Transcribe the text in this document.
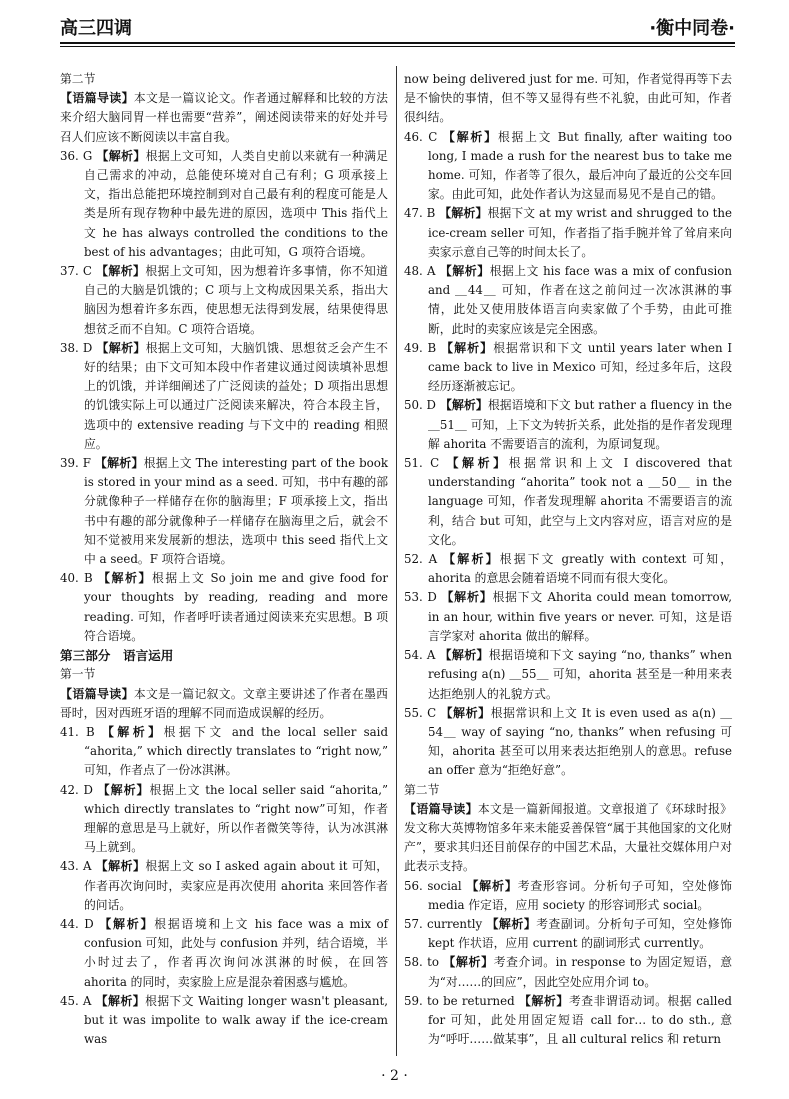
高三四调	·衡中同卷·

第二节

【语篇导读】本文是一篇议论文。作者通过解释和比较的方法来介绍大脑同胃一样也需要“营养”，阐述阅读带来的好处并号召人们应该不断阅读以丰富自我。

36. G 【解析】根据上文可知，人类自史前以来就有一种满足自己需求的冲动，总能使环境对自己有利；G 项承接上文，指出总能把环境控制到对自己最有利的程度可能是人类是所有现存物种中最先进的原因，选项中 This 指代上文 he has always controlled the conditions to the best of his advantages；由此可知，G 项符合语境。

37. C 【解析】根据上文可知，因为想着许多事情，你不知道自己的大脑是饥饿的；C 项与上文构成因果关系，指出大脑因为想着许多东西，使思想无法得到发展，结果使得思想贫乏而不自知。C 项符合语境。

38. D 【解析】根据上文可知，大脑饥饿、思想贫乏会产生不好的结果；由下文可知本段中作者建议通过阅读填补思想上的饥饿，并详细阐述了广泛阅读的益处；D 项指出思想的饥饿实际上可以通过广泛阅读来解决，符合本段主旨，选项中的 extensive reading 与下文中的 reading 相照应。

39. F 【解析】根据上文 The interesting part of the book is stored in your mind as a seed. 可知，书中有趣的部分就像种子一样储存在你的脑海里；F 项承接上文，指出书中有趣的部分就像种子一样储存在脑海里之后，就会不知不觉被用来发展新的想法，选项中 this seed 指代上文中 a seed。F 项符合语境。

40. B 【解析】根据上文 So join me and give food for your thoughts by reading, reading and more reading. 可知，作者呼吁读者通过阅读来充实思想。B 项符合语境。

第三部分　语言运用

第一节

【语篇导读】本文是一篇记叙文。文章主要讲述了作者在墨西哥时，因对西班牙语的理解不同而造成误解的经历。

41. B 【解析】根据下文 and the local seller said “ahorita,” which directly translates to “right now,” 可知，作者点了一份冰淇淋。

42. D 【解析】根据上文 the local seller said “ahorita,” which directly translates to “right now”可知，作者理解的意思是马上就好，所以作者微笑等待，认为冰淇淋马上就到。

43. A 【解析】根据上文 so I asked again about it 可知，作者再次询问时，卖家应是再次使用 ahorita 来回答作者的问话。

44. D 【解析】根据语境和上文 his face was a mix of confusion 可知，此处与 confusion 并列，结合语境，半小时过去了，作者再次询问冰淇淋的时候，在回答 ahorita 的同时，卖家脸上应是混杂着困惑与尴尬。

45. A 【解析】根据下文 Waiting longer wasn't pleasant, but it was impolite to walk away if the ice-cream was

now being delivered just for me. 可知，作者觉得再等下去是不愉快的事情，但不等又显得有些不礼貌，由此可知，作者很纠结。

46. C 【解析】根据上文 But finally, after waiting too long, I made a rush for the nearest bus to take me home. 可知，作者等了很久，最后冲向了最近的公交车回家。由此可知，此处作者认为这显而易见不是自己的错。

47. B 【解析】根据下文 at my wrist and shrugged to the ice-cream seller 可知，作者指了指手腕并耸了耸肩来向卖家示意自己等的时间太长了。

48. A 【解析】根据上文 his face was a mix of confusion and ＿44＿ 可知，作者在这之前问过一次冰淇淋的事情，此处又使用肢体语言向卖家做了个手势，由此可推断，此时的卖家应该是完全困惑。

49. B 【解析】根据常识和下文 until years later when I came back to live in Mexico 可知，经过多年后，这段经历逐渐被忘记。

50. D 【解析】根据语境和下文 but rather a fluency in the ＿51＿ 可知，上下文为转折关系，此处指的是作者发现理解 ahorita 不需要语言的流利，为原词复现。

51. C 【解析】根据常识和上文 I discovered that understanding “ahorita” took not a ＿50＿ in the language 可知，作者发现理解 ahorita 不需要语言的流利，结合 but 可知，此空与上文内容对应，语言对应的是文化。

52. A 【解析】根据下文 greatly with context 可知，ahorita 的意思会随着语境不同而有很大变化。

53. D 【解析】根据下文 Ahorita could mean tomorrow, in an hour, within five years or never. 可知，这是语言学家对 ahorita 做出的解释。

54. A 【解析】根据语境和下文 saying “no, thanks” when refusing a(n) ＿55＿ 可知，ahorita 甚至是一种用来表达拒绝别人的礼貌方式。

55. C 【解析】根据常识和上文 It is even used as a(n) ＿54＿ way of saying “no, thanks” when refusing 可知，ahorita 甚至可以用来表达拒绝别人的意思。refuse an offer 意为“拒绝好意”。

第二节

【语篇导读】本文是一篇新闻报道。文章报道了《环球时报》发文称大英博物馆多年来未能妥善保管“属于其他国家的文化财产”，要求其归还目前保存的中国艺术品，大量社交媒体用户对此表示支持。

56. social 【解析】考查形容词。分析句子可知，空处修饰 media 作定语，应用 society 的形容词形式 social。

57. currently 【解析】考查副词。分析句子可知，空处修饰 kept 作状语，应用 current 的副词形式 currently。

58. to 【解析】考查介词。in response to 为固定短语，意为“对……的回应”，因此空处应用介词 to。

59. to be returned 【解析】考查非谓语动词。根据 called for 可知，此处用固定短语 call for… to do sth., 意为“呼吁……做某事”，且 all cultural relics 和 return

· 2 ·
